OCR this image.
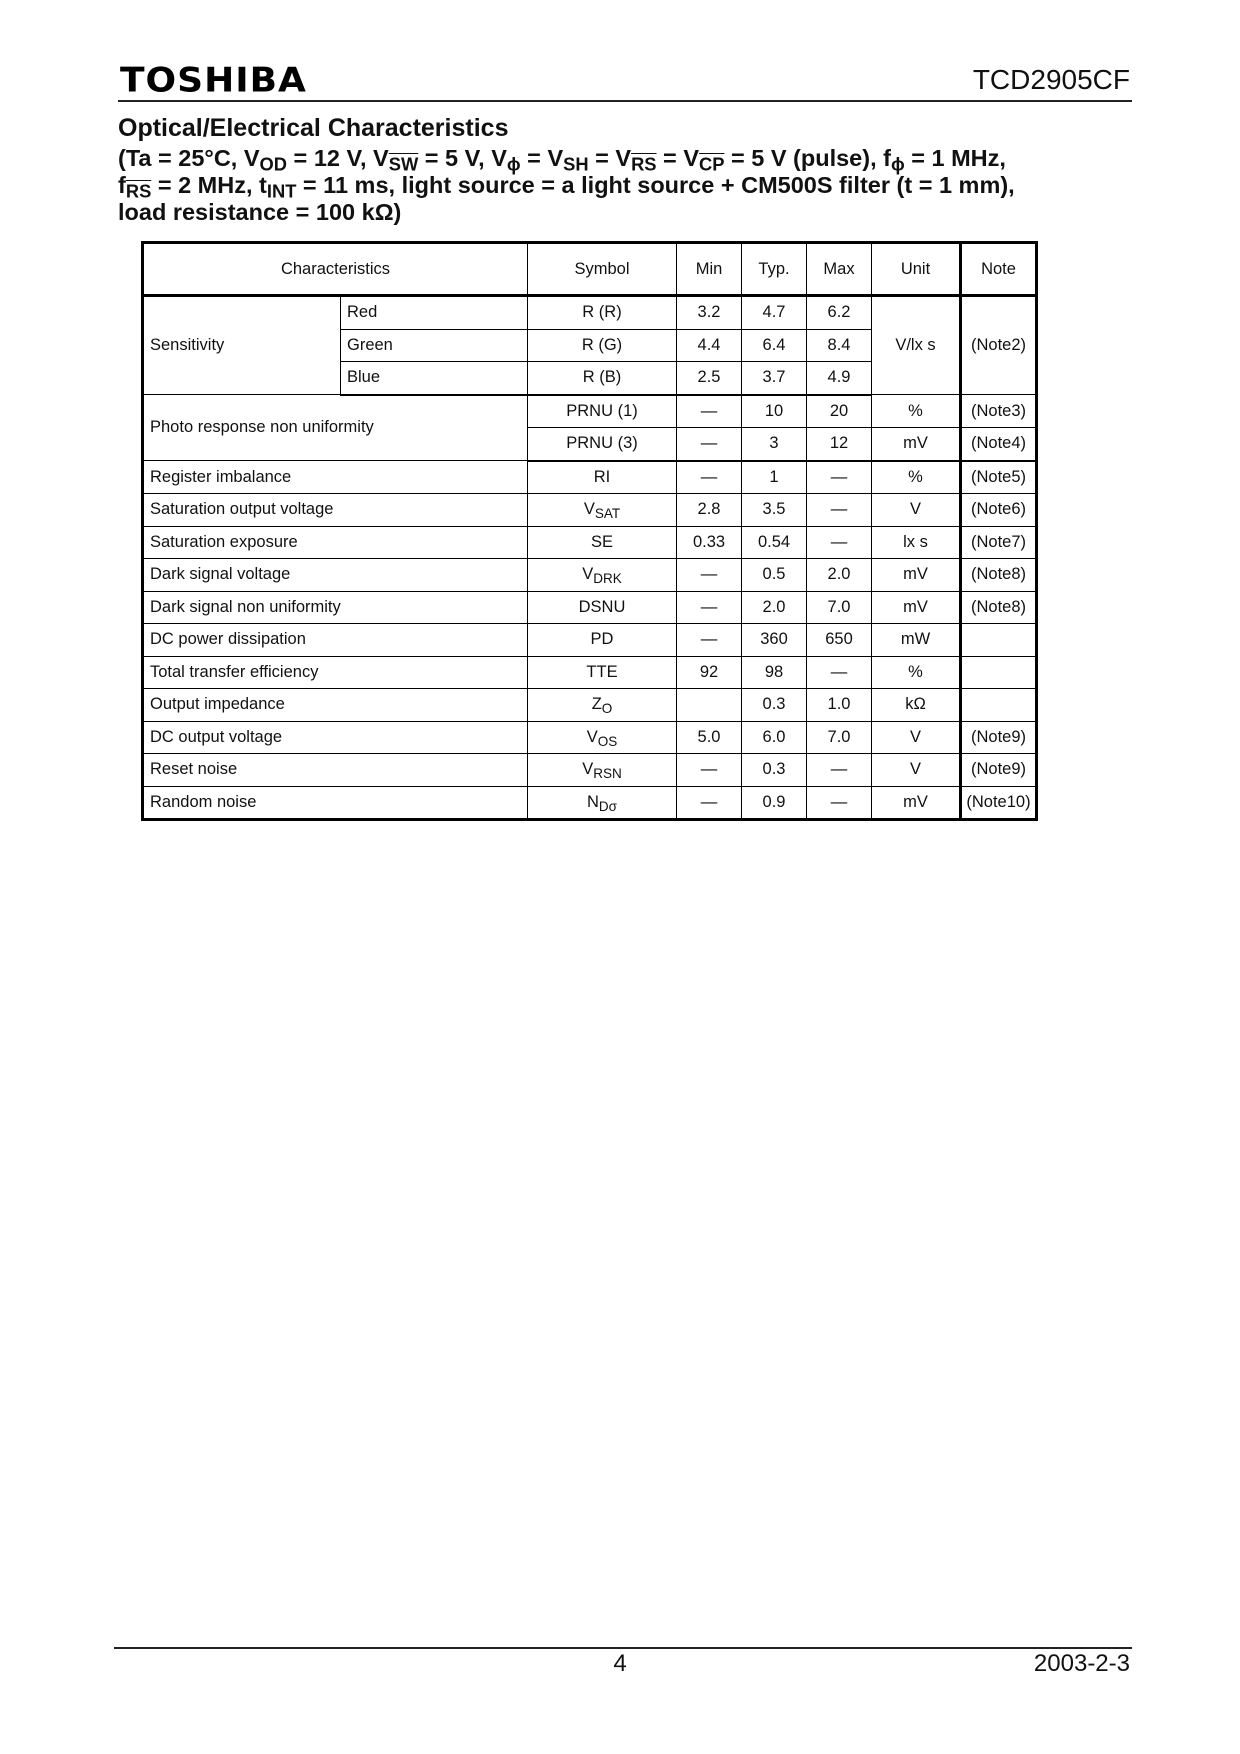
TOSHIBA	TCD2905CF
Optical/Electrical Characteristics
(Ta = 25°C, $V_{OD} = 12$ V, $V_{\overline{SW}} = 5$ V, $V_\phi = V_{SH} = V_{\overline{RS}} = V_{\overline{CP}} = 5$ V (pulse), $f_\phi = 1$ MHz,
$f_{\overline{RS}} = 2$ MHz, $t_{INT} = 11$ ms, light source = a light source + CM500S filter (t = 1 mm),
load resistance = 100 kΩ)
Characteristics		Symbol	Min	Typ.	Max	Unit	Note
Sensitivity	Red	R (R)	3.2	4.7	6.2	V/lx s	(Note2)
	Green	R (G)	4.4	6.4	8.4		
	Blue	R (B)	2.5	3.7	4.9		
Photo response non uniformity		PRNU (1)	—	10	20	%	(Note3)
		PRNU (3)	—	3	12	mV	(Note4)
Register imbalance		RI	—	1	—	%	(Note5)
Saturation output voltage		$V_{SAT}$	2.8	3.5	—	V	(Note6)
Saturation exposure		SE	0.33	0.54	—	lx s	(Note7)
Dark signal voltage		$V_{DRK}$	—	0.5	2.0	mV	(Note8)
Dark signal non uniformity		DSNU	—	2.0	7.0	mV	(Note8)
DC power dissipation		PD	—	360	650	mW	
Total transfer efficiency		TTE	92	98	—	%	
Output impedance		$Z_O$		0.3	1.0	kΩ	
DC output voltage		$V_{OS}$	5.0	6.0	7.0	V	(Note9)
Reset noise		$V_{RSN}$	—	0.3	—	V	(Note9)
Random noise		$N_{D\sigma}$	—	0.9	—	mV	(Note10)
4	2003-2-3
